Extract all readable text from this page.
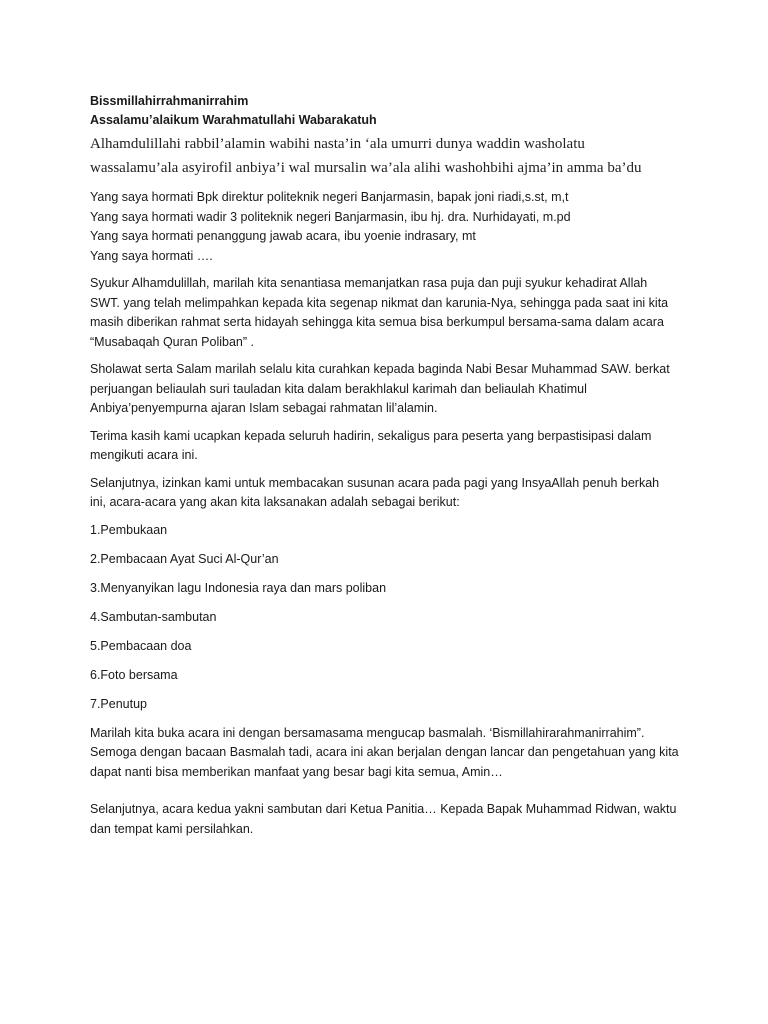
Bissmillahirrahmanirrahim
Assalamu’alaikum Warahmatullahi Wabarakatuh
Alhamdulillahi rabbil’alamin wabihi nasta’in ‘ala umurri dunya waddin washolatu
wassalamu’ala asyirofil anbiya’i wal mursalin wa’ala alihi washohbihi ajma’in amma ba’du
Yang saya hormati Bpk direktur politeknik negeri Banjarmasin, bapak joni riadi,s.st, m,t
Yang saya hormati wadir 3 politeknik negeri Banjarmasin, ibu hj. dra. Nurhidayati, m.pd
Yang saya hormati penanggung jawab acara, ibu yoenie indrasary, mt
Yang saya hormati ….
Syukur Alhamdulillah, marilah kita senantiasa memanjatkan rasa puja dan puji syukur kehadirat Allah
SWT. yang telah melimpahkan kepada kita segenap nikmat dan karunia-Nya, sehingga pada saat ini kita
masih diberikan rahmat serta hidayah sehingga kita semua bisa berkumpul bersama-sama dalam acara
“Musabaqah Quran Poliban” .
Sholawat serta Salam marilah selalu kita curahkan kepada baginda Nabi Besar Muhammad SAW. berkat
perjuangan beliaulah suri tauladan kita dalam berakhlakul karimah dan beliaulah Khatimul
Anbiya’penyempurna ajaran Islam sebagai rahmatan lil’alamin.
Terima kasih kami ucapkan kepada seluruh hadirin, sekaligus para peserta yang berpastisipasi dalam
mengikuti acara ini.
Selanjutnya, izinkan kami untuk membacakan susunan acara pada pagi yang InsyaAllah penuh berkah
ini, acara-acara yang akan kita laksanakan adalah sebagai berikut:
1.Pembukaan
2.Pembacaan Ayat Suci Al-Qur’an
3.Menyanyikan lagu Indonesia raya dan mars poliban
4.Sambutan-sambutan
5.Pembacaan doa
6.Foto bersama
7.Penutup
Marilah kita buka acara ini dengan bersamasama mengucap basmalah. ‘Bismillahirarahmanirrahim”.
Semoga dengan bacaan Basmalah tadi, acara ini akan berjalan dengan lancar dan pengetahuan yang kita
dapat nanti bisa memberikan manfaat yang besar bagi kita semua, Amin…
Selanjutnya, acara kedua yakni sambutan dari Ketua Panitia… Kepada Bapak Muhammad Ridwan, waktu
dan tempat kami persilahkan.
